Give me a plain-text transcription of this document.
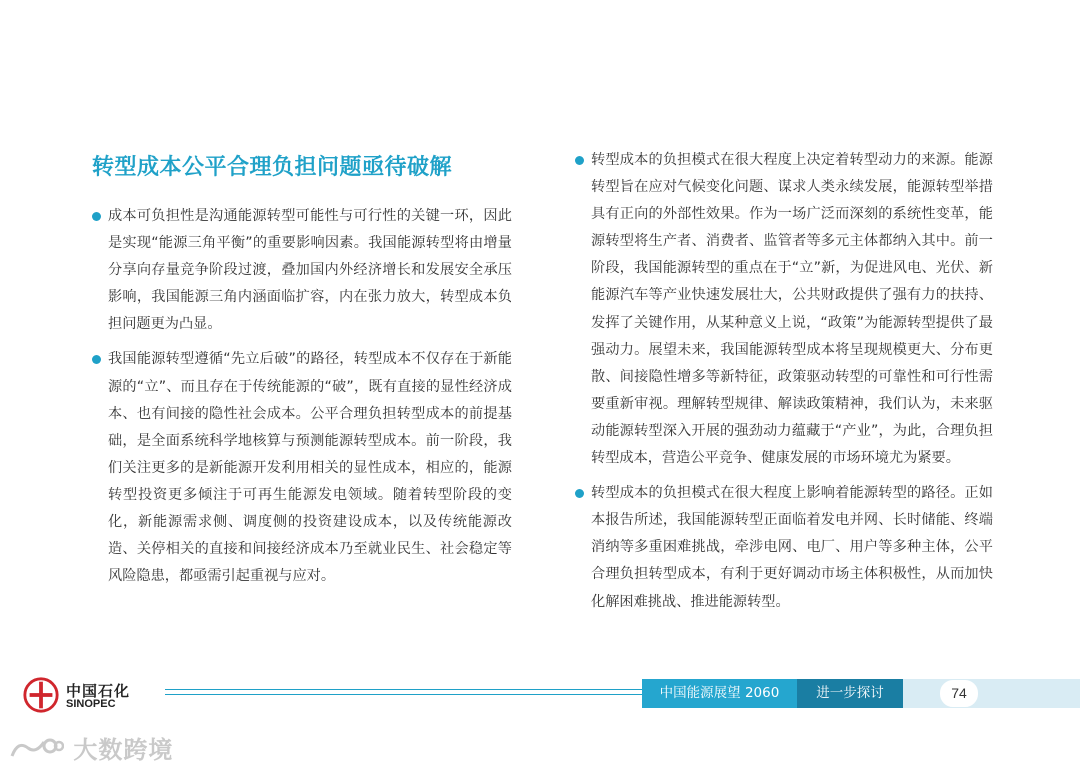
转型成本公平合理负担问题亟待破解

成本可负担性是沟通能源转型可能性与可行性的关键一环，因此是实现“能源三角平衡”的重要影响因素。我国能源转型将由增量分享向存量竞争阶段过渡，叠加国内外经济增长和发展安全承压影响，我国能源三角内涵面临扩容，内在张力放大，转型成本负担问题更为凸显。

我国能源转型遵循“先立后破”的路径，转型成本不仅存在于新能源的“立”、而且存在于传统能源的“破”，既有直接的显性经济成本、也有间接的隐性社会成本。公平合理负担转型成本的前提基础，是全面系统科学地核算与预测能源转型成本。前一阶段，我们关注更多的是新能源开发利用相关的显性成本，相应的，能源转型投资更多倾注于可再生能源发电领域。随着转型阶段的变化，新能源需求侧、调度侧的投资建设成本，以及传统能源改造、关停相关的直接和间接经济成本乃至就业民生、社会稳定等风险隐患，都亟需引起重视与应对。

转型成本的负担模式在很大程度上决定着转型动力的来源。能源转型旨在应对气候变化问题、谋求人类永续发展，能源转型举措具有正向的外部性效果。作为一场广泛而深刻的系统性变革，能源转型将生产者、消费者、监管者等多元主体都纳入其中。前一阶段，我国能源转型的重点在于“立”新，为促进风电、光伏、新能源汽车等产业快速发展壮大，公共财政提供了强有力的扶持、发挥了关键作用，从某种意义上说，“政策”为能源转型提供了最强动力。展望未来，我国能源转型成本将呈现规模更大、分布更散、间接隐性增多等新特征，政策驱动转型的可靠性和可行性需要重新审视。理解转型规律、解读政策精神，我们认为，未来驱动能源转型深入开展的强劲动力蕴藏于“产业”，为此，合理负担转型成本，营造公平竞争、健康发展的市场环境尤为紧要。

转型成本的负担模式在很大程度上影响着能源转型的路径。正如本报告所述，我国能源转型正面临着发电并网、长时储能、终端消纳等多重困难挑战，牵涉电网、电厂、用户等多种主体，公平合理负担转型成本，有利于更好调动市场主体积极性，从而加快化解困难挑战、推进能源转型。

中国石化
SINOPEC
中国能源展望 2060	进一步探讨	74
大数跨境
